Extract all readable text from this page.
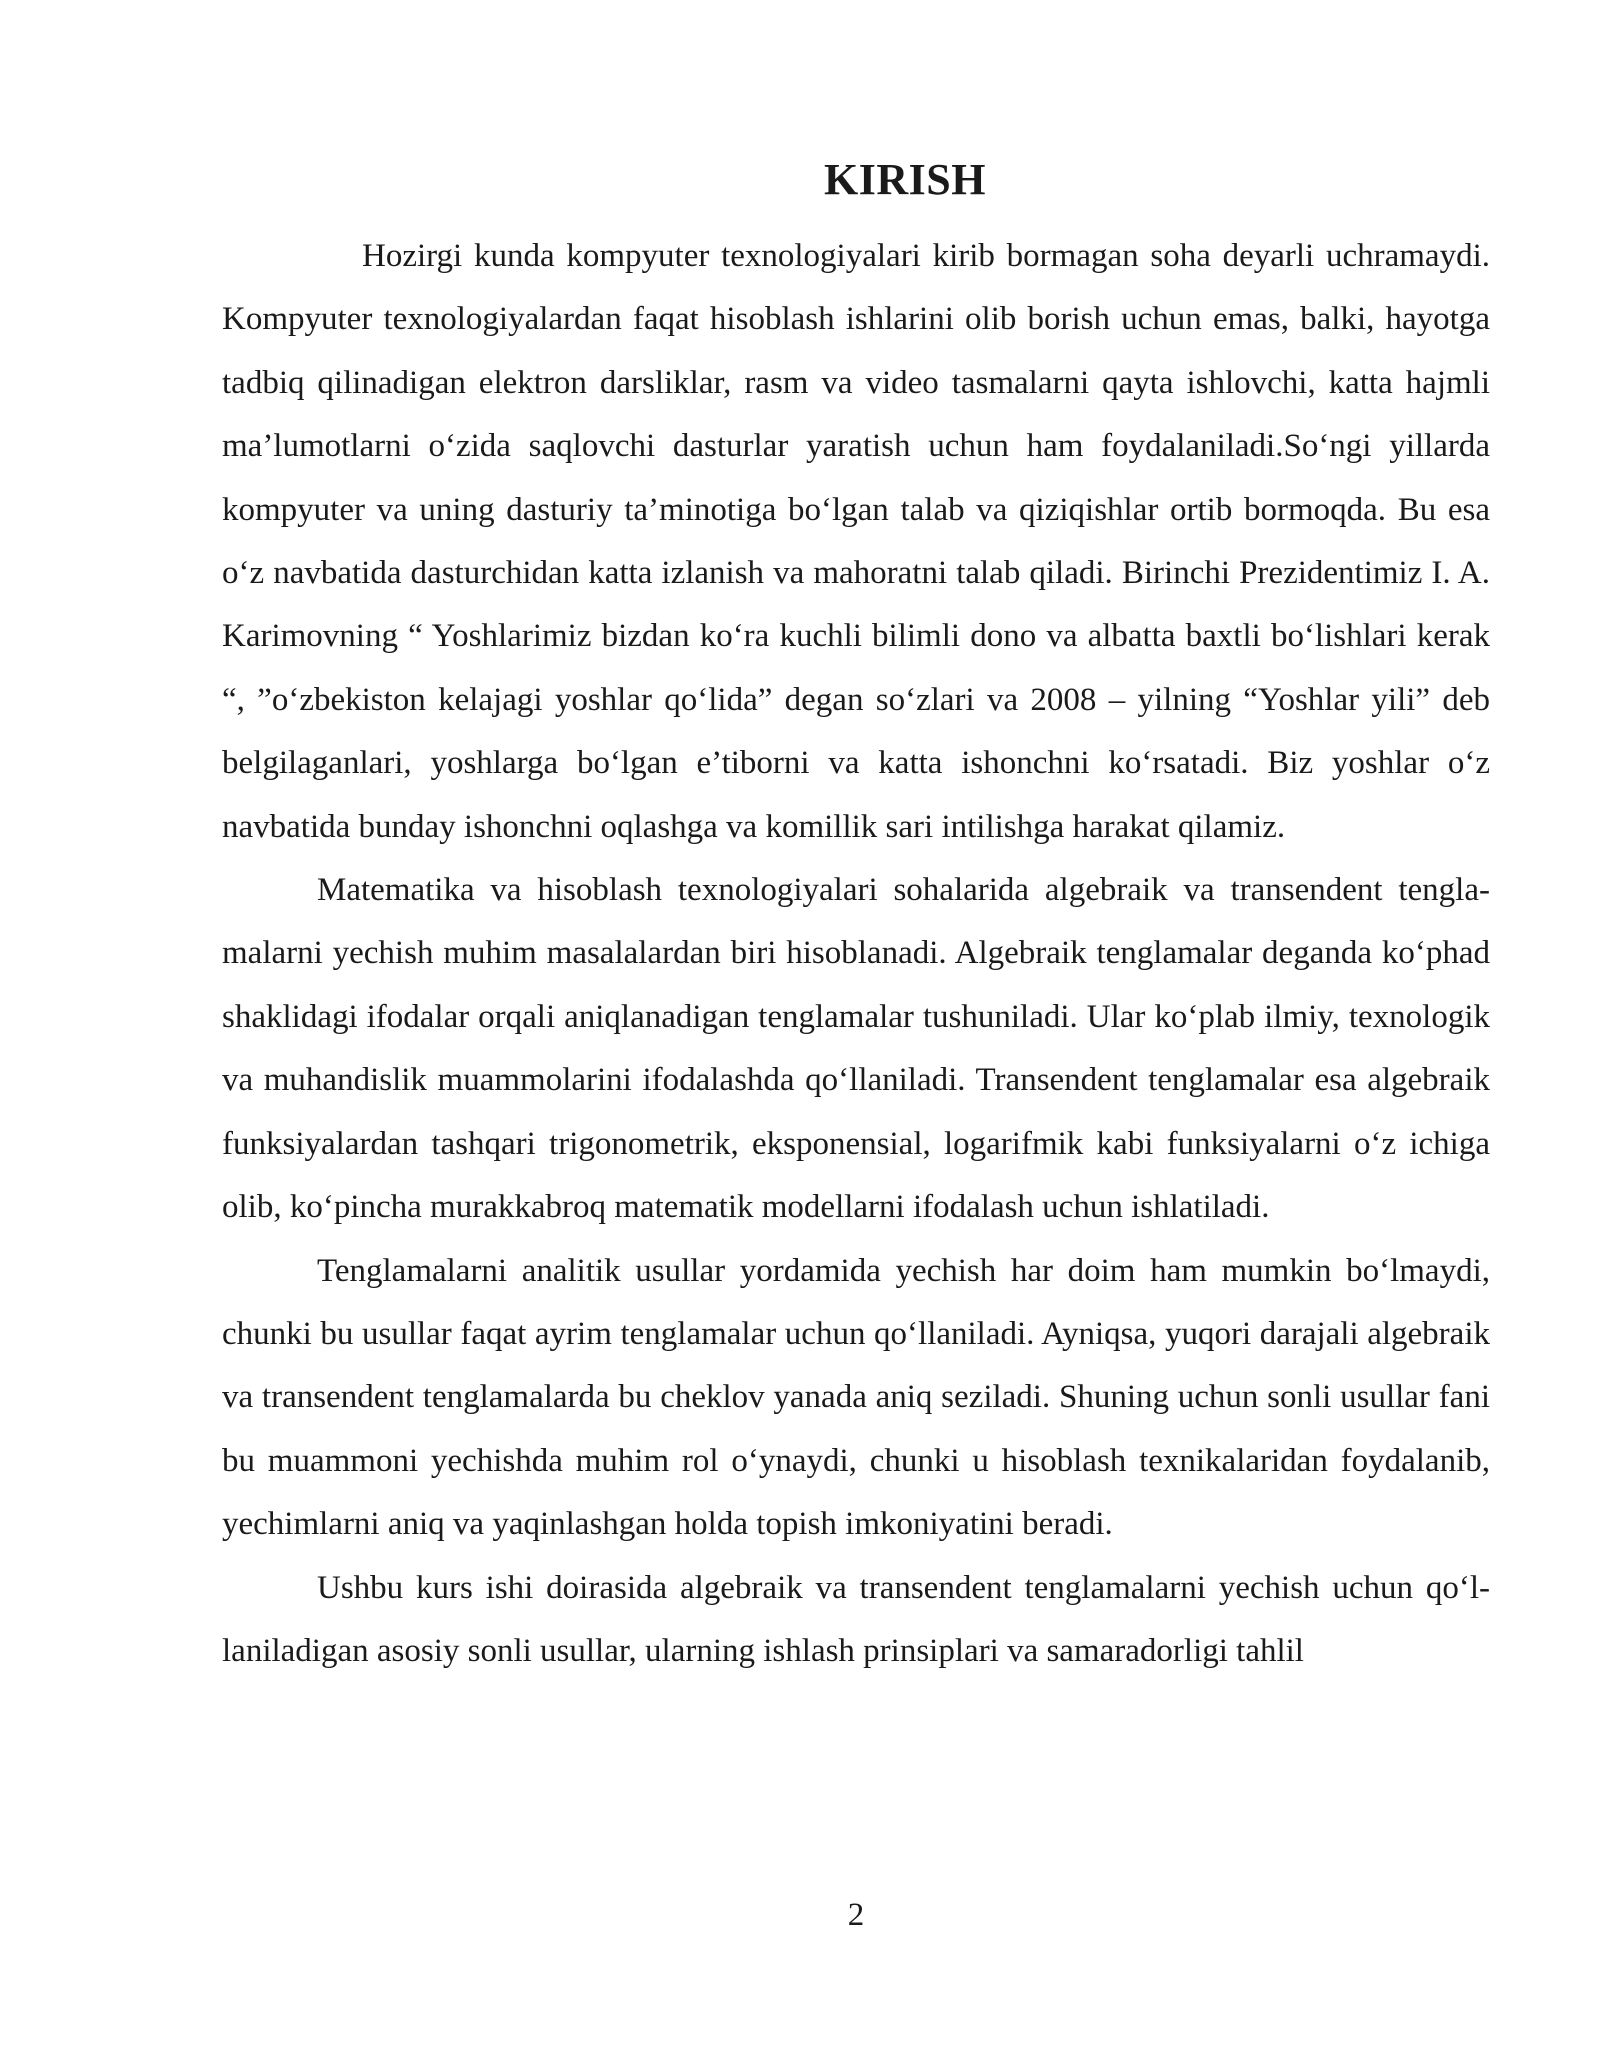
KIRISH

Hozirgi kunda kompyuter texnologiyalari kirib bormagan soha deyarli uchramaydi. Kompyuter texnologiyalardan faqat hisoblash ishlarini olib borish uchun emas, balki, hayotga tadbiq qilinadigan elektron darsliklar, rasm va video tasmalarni qayta ishlovchi, katta hajmli ma’lumotlarni o‘zida saqlovchi dasturlar yaratish uchun ham foydalaniladi.So‘ngi yillarda kompyuter va uning dasturiy ta’minotiga bo‘lgan talab va qiziqishlar ortib bormoqda. Bu esa o‘z navbatida dasturchidan katta izlanish va mahoratni talab qiladi. Birinchi Prezidentimiz I. A. Karimovning “ Yoshlarimiz bizdan ko‘ra kuchli bilimli dono va albatta baxtli bo‘lishlari kerak “, ”o‘zbekiston kelajagi yoshlar qo‘lida” degan so‘zlari va 2008 – yilning “Yoshlar yili” deb belgilaganlari, yoshlarga bo‘lgan e’tiborni va katta ishonchni ko‘rsatadi. Biz yoshlar o‘z navbatida bunday ishonchni oqlashga va komillik sari intilishga harakat qilamiz.

Matematika va hisoblash texnologiyalari sohalarida algebraik va transendent tengla-malarni yechish muhim masalalardan biri hisoblanadi. Algebraik tenglamalar deganda ko‘phad shaklidagi ifodalar orqali aniqlanadigan tenglamalar tushuniladi. Ular ko‘plab ilmiy, texnologik va muhandislik muammolarini ifodalashda qo‘llaniladi. Transendent tenglamalar esa algebraik funksiyalardan tashqari trigonometrik, eksponensial, logarifmik kabi funksiyalarni o‘z ichiga olib, ko‘pincha murakkabroq matematik modellarni ifodalash uchun ishlatiladi.

Tenglamalarni analitik usullar yordamida yechish har doim ham mumkin bo‘lmaydi, chunki bu usullar faqat ayrim tenglamalar uchun qo‘llaniladi. Ayniqsa, yuqori darajali algebraik va transendent tenglamalarda bu cheklov yanada aniq seziladi. Shuning uchun sonli usullar fani bu muammoni yechishda muhim rol o‘ynaydi, chunki u hisoblash texnikalaridan foydalanib, yechimlarni aniq va yaqinlashgan holda topish imkoniyatini beradi.

Ushbu kurs ishi doirasida algebraik va transendent tenglamalarni yechish uchun qo‘l-laniladigan asosiy sonli usullar, ularning ishlash prinsiplari va samaradorligi tahlil

2
